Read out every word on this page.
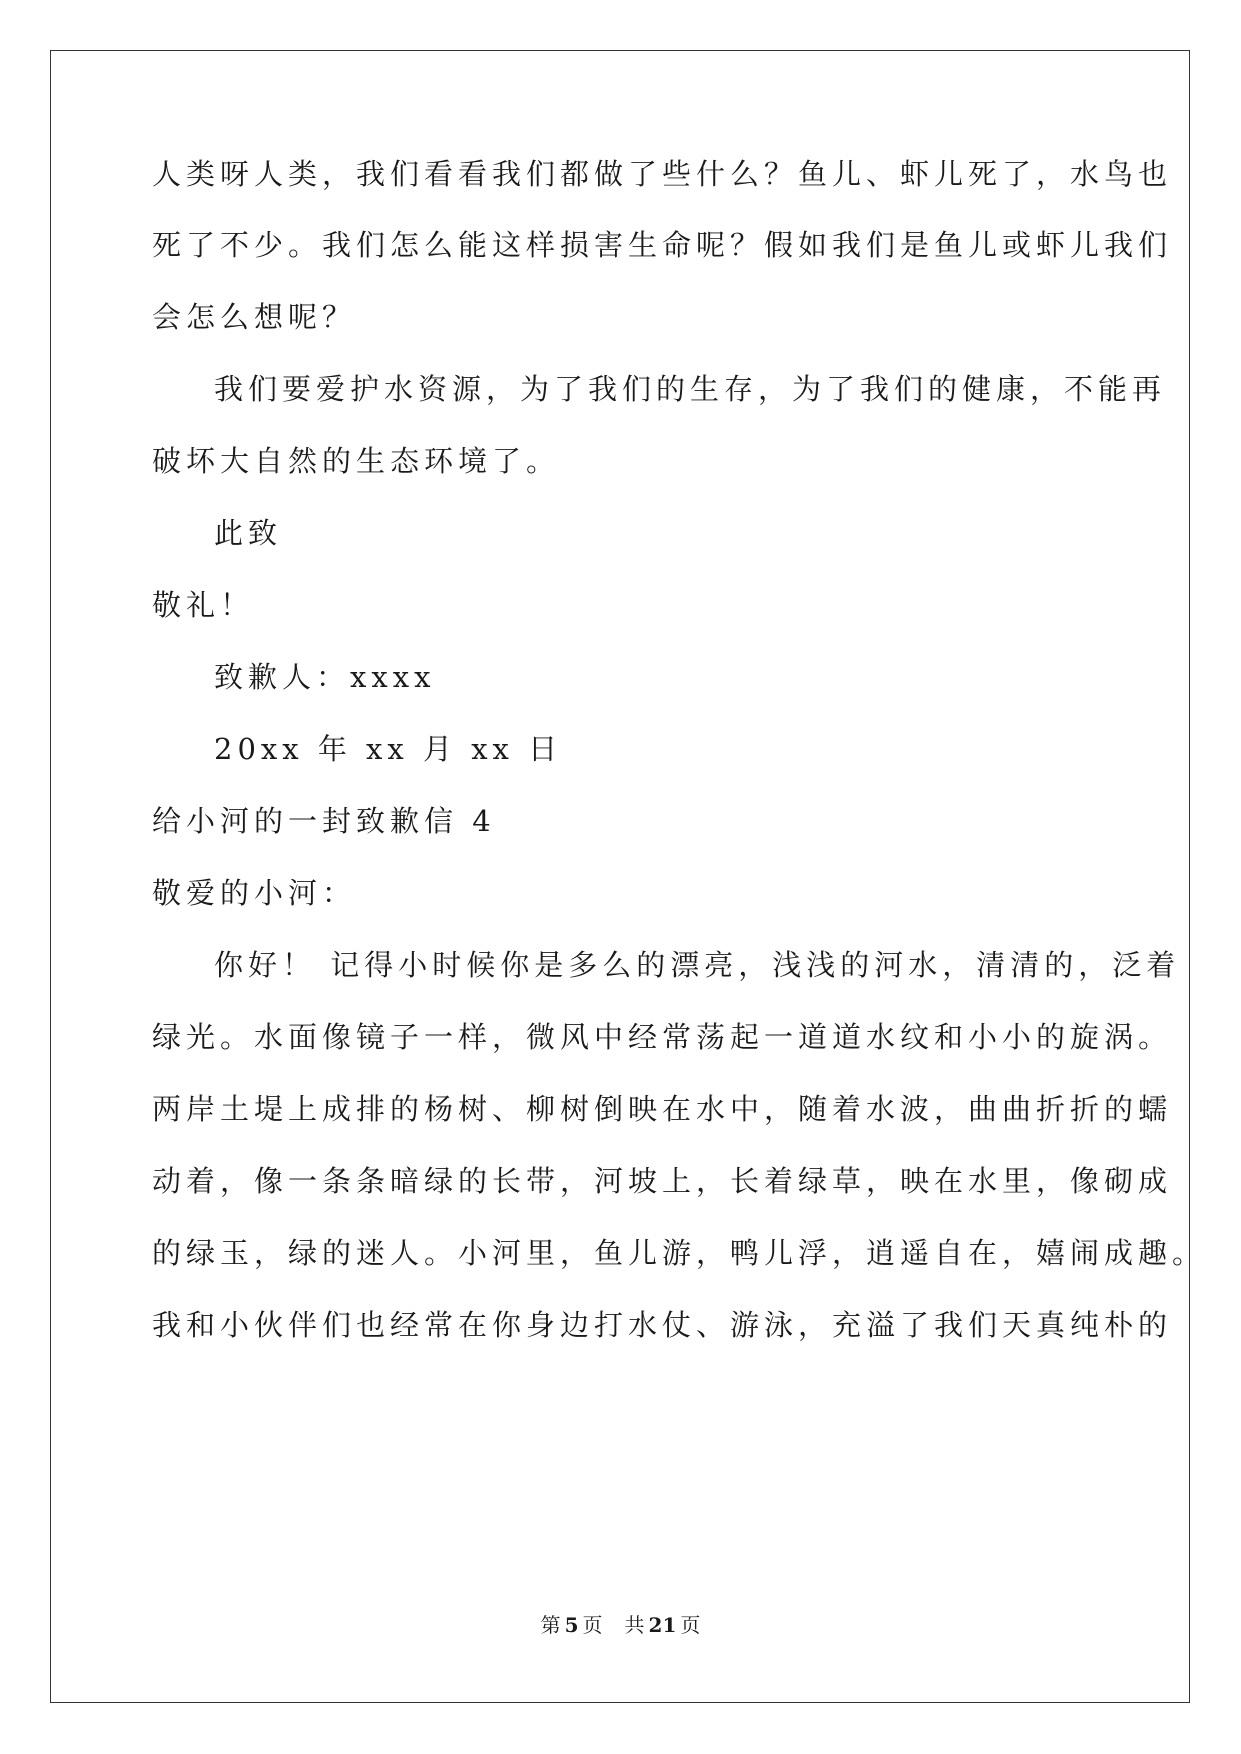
人类呀人类，我们看看我们都做了些什么？鱼儿、虾儿死了，水鸟也
死了不少。我们怎么能这样损害生命呢？假如我们是鱼儿或虾儿我们
会怎么想呢？
我们要爱护水资源，为了我们的生存，为了我们的健康，不能再
破坏大自然的生态环境了。
此致
敬礼！
致歉人：xxxx
20xx 年 xx 月 xx 日
给小河的一封致歉信 4
敬爱的小河：
你好！ 记得小时候你是多么的漂亮，浅浅的河水，清清的，泛着
绿光。水面像镜子一样，微风中经常荡起一道道水纹和小小的旋涡。
两岸土堤上成排的杨树、柳树倒映在水中，随着水波，曲曲折折的蠕
动着，像一条条暗绿的长带，河坡上，长着绿草，映在水里，像砌成
的绿玉，绿的迷人。小河里，鱼儿游，鸭儿浮，逍遥自在，嬉闹成趣。
我和小伙伴们也经常在你身边打水仗、游泳，充溢了我们天真纯朴的
第 5 页 共 21 页
